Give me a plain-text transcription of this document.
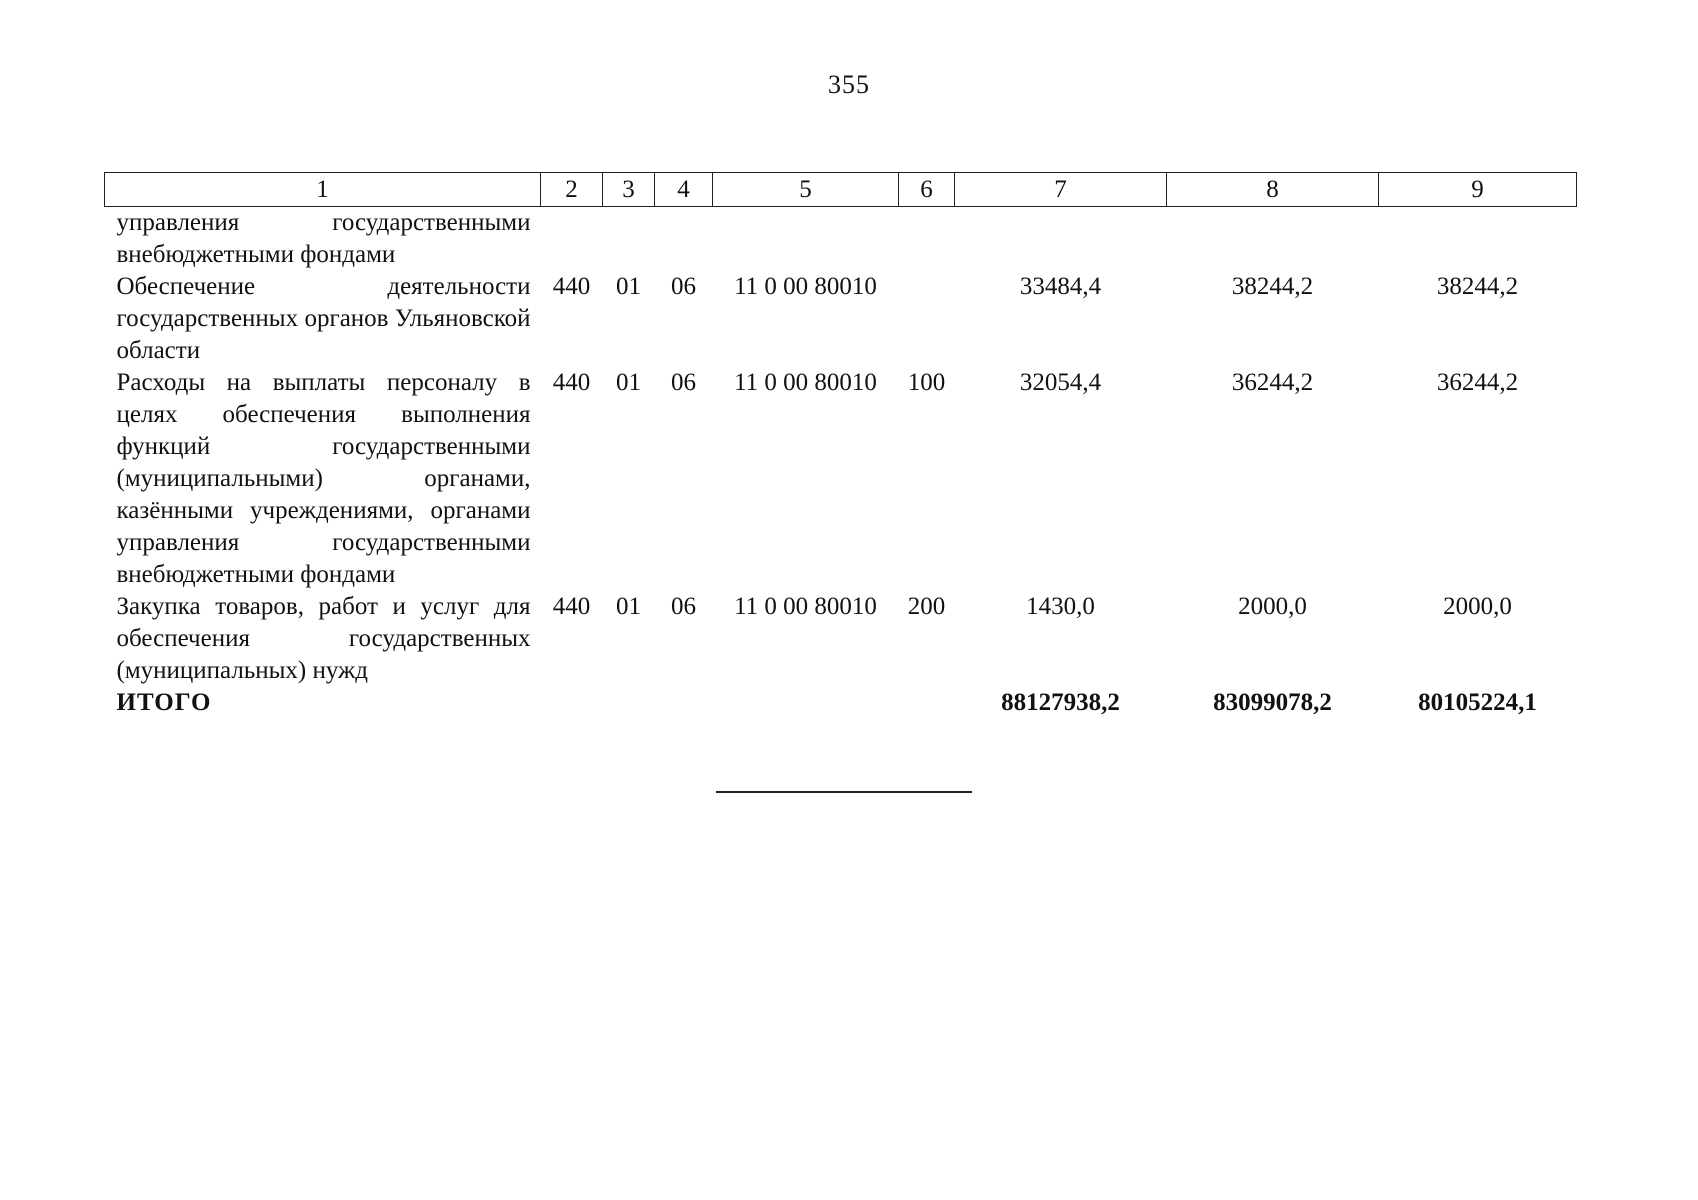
355
1	2	3	4	5	6	7	8	9
управления государственными внебюджетными фондами								
Обеспечение деятельности государственных органов Ульяновской области	440	01	06	11 0 00 80010		33484,4	38244,2	38244,2
Расходы на выплаты персоналу в целях обеспечения выполнения функций государственными (муниципальными) органами, казёнными учреждениями, органами управления государственными внебюджетными фондами	440	01	06	11 0 00 80010	100	32054,4	36244,2	36244,2
Закупка товаров, работ и услуг для обеспечения государственных (муниципальных) нужд	440	01	06	11 0 00 80010	200	1430,0	2000,0	2000,0
ИТОГО						88127938,2	83099078,2	80105224,1
